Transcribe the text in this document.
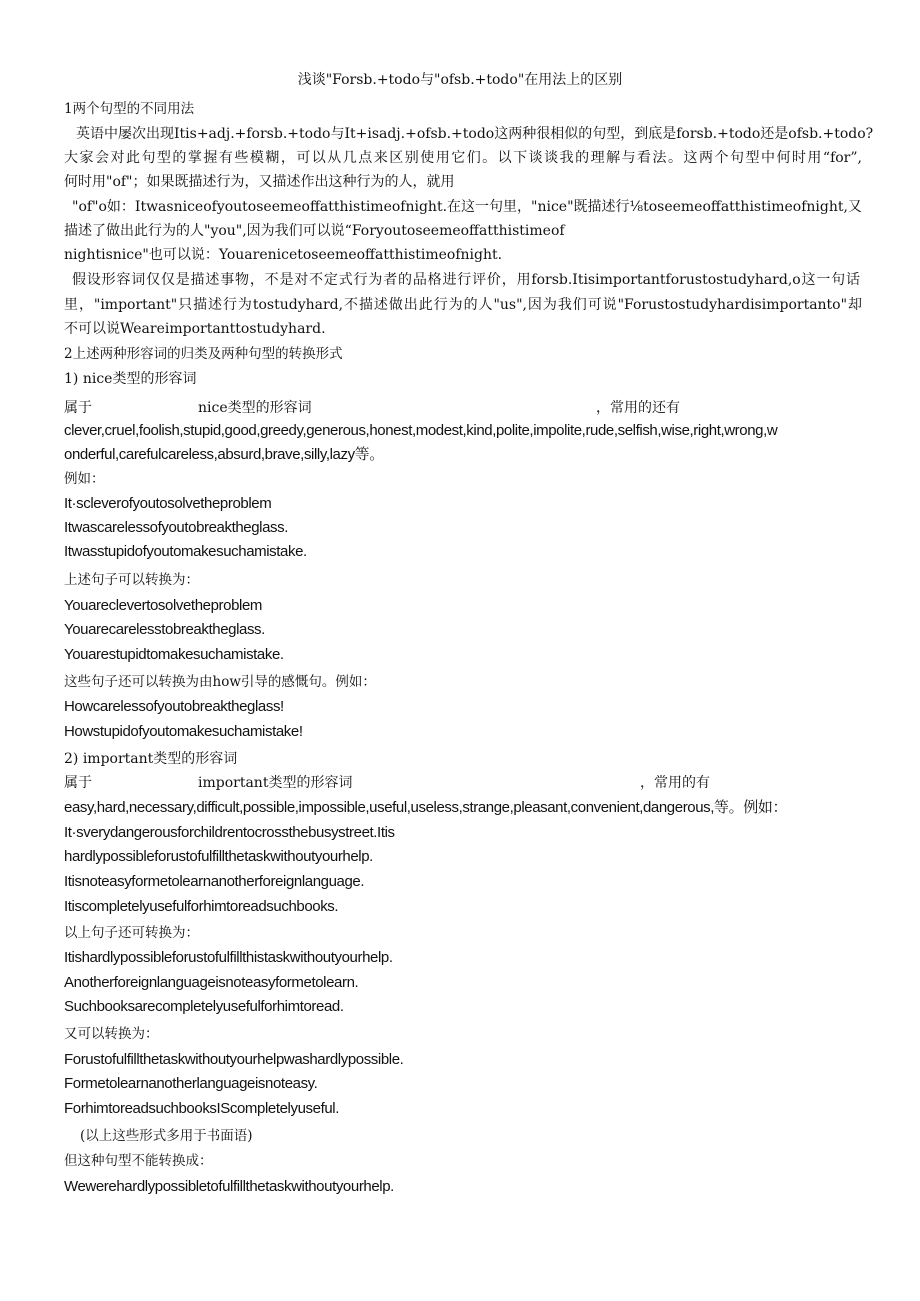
浅谈"Forsb.+todo与"ofsb.+todo"在用法上的区别
1两个句型的不同用法
英语中屡次出现Itis+adj.+forsb.+todo与It+isadj.+ofsb.+todo这两种很相似的句型，到底是forsb.+todo还是ofsb.+todo?
大家会对此句型的掌握有些模糊，可以从几点来区别使用它们。以下谈谈我的理解与看法。这两个句型中何时用“for”,
何时用"of"；如果既描述行为，又描述作出这种行为的人，就用
"of"o如：Itwasniceofyoutoseemeoffatthistimeofnight.在这一句里，"nice"既描述行⅛toseemeoffatthistimeofnight,又
描述了做出此行为的人"you",因为我们可以说“Foryoutoseemeoffatthistimeof
nightisnice"也可以说：Youarenicetoseemeoffatthistimeofnight.
假设形容词仅仅是描述事物，不是对不定式行为者的品格进行评价，用forsb.Itisimportantforustostudyhard,o这一句话
里，"important"只描述行为tostudyhard,不描述做出此行为的人"us",因为我们可说"Forustostudyhardisimportanto"却
不可以说Weareimportanttostudyhard.
2上述两种形容词的归类及两种句型的转换形式
1) nice类型的形容词
属于	nice类型的形容词	，常用的还有
clever,cruel,foolish,stupid,good,greedy,generous,honest,modest,kind,polite,impolite,rude,selfish,wise,right,wrong,w
onderful,carefulcareless,absurd,brave,silly,lazy等。
例如：
It·scleverofyoutosolvetheproblem
Itwascarelessofyoutobreaktheglass.
Itwasstupidofyoutomakesuchamistake.
上述句子可以转换为：
Youareclevertosolvetheproblem
Youarecarelesstobreaktheglass.
Youarestupidtomakesuchamistake.
这些句子还可以转换为由how引导的感慨句。例如：
Howcarelessofyoutobreaktheglass!
Howstupidofyoutomakesuchamistake!
2) important类型的形容词
属于	important类型的形容词	，常用的有
easy,hard,necessary,difficult,possible,impossible,useful,useless,strange,pleasant,convenient,dangerous,等。例如：
It·sverydangerousforchildrentocrossthebusystreet.Itis
hardlypossibleforustofulfillthetaskwithoutyourhelp.
Itisnoteasyformetolearnanotherforeignlanguage.
Itiscompletelyusefulforhimtoreadsuchbooks.
以上句子还可转换为：
Itishardlypossibleforustofulfillthistaskwithoutyourhelp.
Anotherforeignlanguageisnoteasyformetolearn.
Suchbooksarecompletelyusefulforhimtoread.
又可以转换为：
Forustofulfillthetaskwithoutyourhelpwashardlypossible.
Formetolearnanotherlanguageisnoteasy.
ForhimtoreadsuchbooksIScompletelyuseful.
(以上这些形式多用于书面语)
但这种句型不能转换成：
Wewerehardlypossibletofulfillthetaskwithoutyourhelp.
